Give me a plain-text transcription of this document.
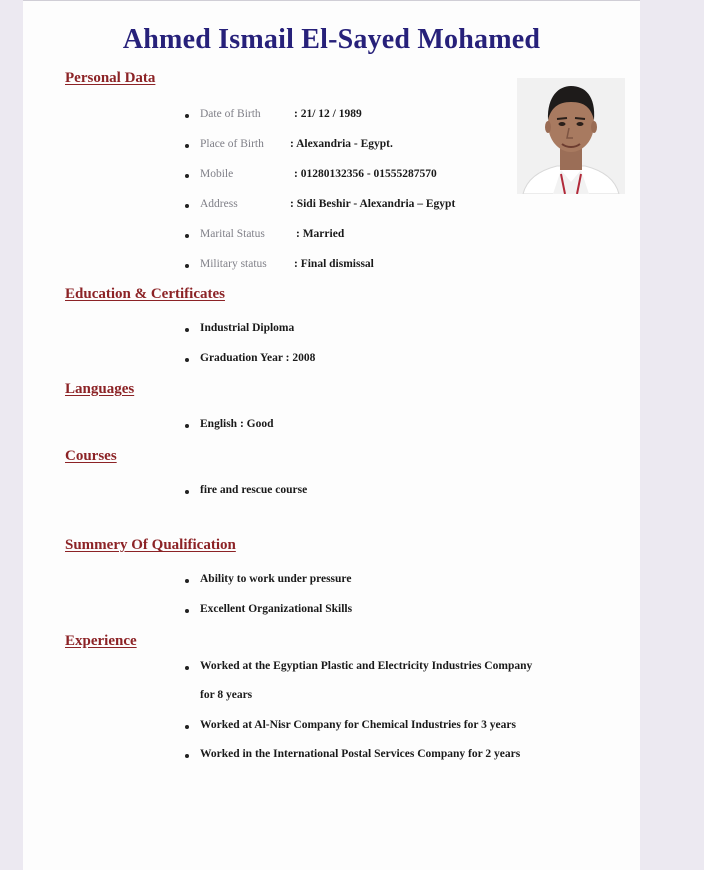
Ahmed Ismail El-Sayed Mohamed
Personal Data
Date of Birth	: 21/ 12 / 1989
Place of Birth : Alexandria - Egypt.
Mobile	: 01280132356 - 01555287570
Address	: Sidi Beshir - Alexandria – Egypt
Marital Status	: Married
Military status : Final dismissal
Education & Certificates
Industrial Diploma
Graduation Year : 2008
Languages
English : Good
Courses
fire and rescue course
Summery Of Qualification
Ability to work under pressure
Excellent Organizational Skills
Experience
Worked at the Egyptian Plastic and Electricity Industries Company
for 8 years
Worked at Al-Nisr Company for Chemical Industries for 3 years
Worked in the International Postal Services Company for 2 years
